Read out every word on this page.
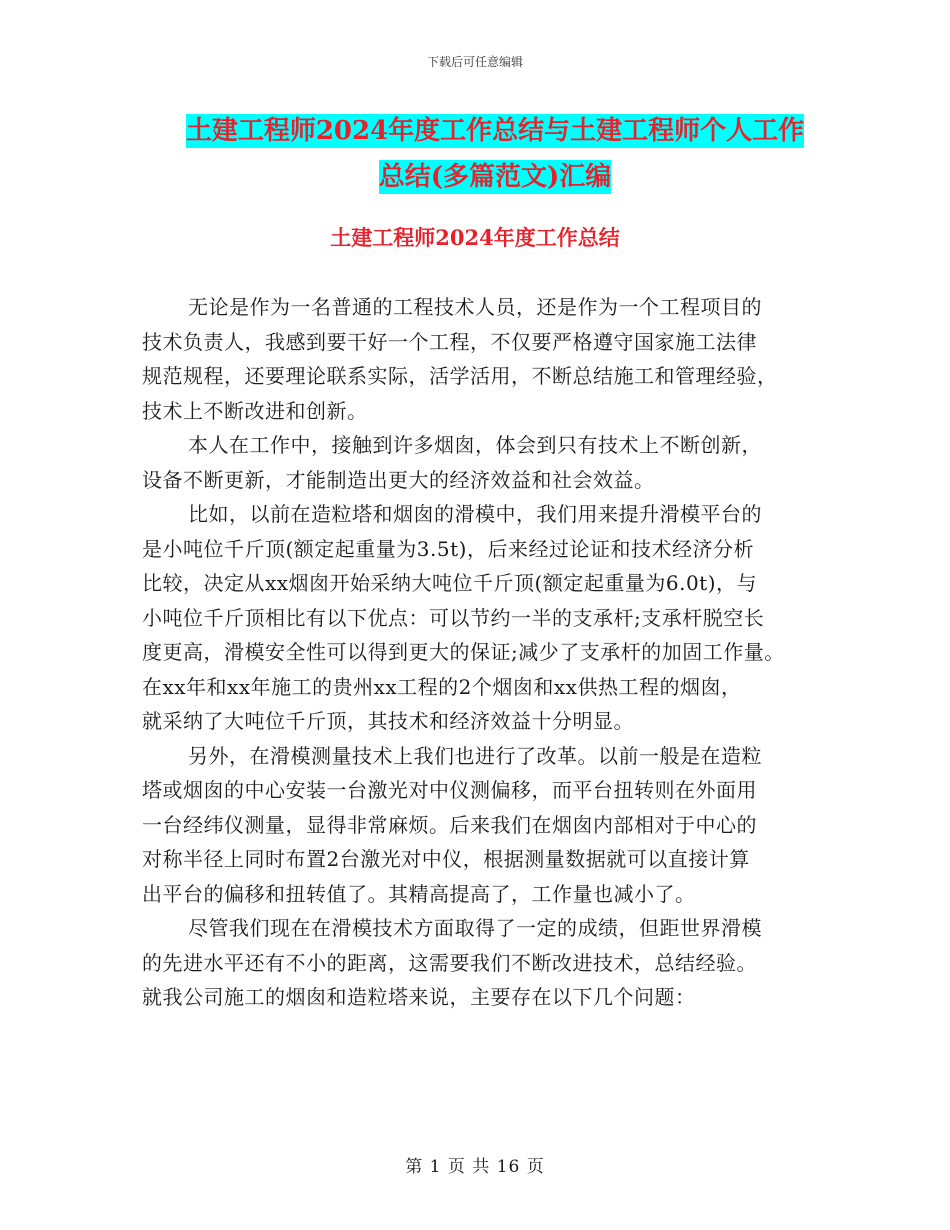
下载后可任意编辑
土建工程师2024年度工作总结与土建工程师个人工作
总结(多篇范文)汇编
土建工程师2024年度工作总结
无论是作为一名普通的工程技术人员，还是作为一个工程项目的
技术负责人，我感到要干好一个工程，不仅要严格遵守国家施工法律
规范规程，还要理论联系实际，活学活用，不断总结施工和管理经验，
技术上不断改进和创新。
本人在工作中，接触到许多烟囱，体会到只有技术上不断创新，
设备不断更新，才能制造出更大的经济效益和社会效益。
比如，以前在造粒塔和烟囱的滑模中，我们用来提升滑模平台的
是小吨位千斤顶(额定起重量为3.5t)，后来经过论证和技术经济分析
比较，决定从xx烟囱开始采纳大吨位千斤顶(额定起重量为6.0t)，与
小吨位千斤顶相比有以下优点：可以节约一半的支承杆;支承杆脱空长
度更高，滑模安全性可以得到更大的保证;减少了支承杆的加固工作量。
在xx年和xx年施工的贵州xx工程的2个烟囱和xx供热工程的烟囱，
就采纳了大吨位千斤顶，其技术和经济效益十分明显。
另外，在滑模测量技术上我们也进行了改革。以前一般是在造粒
塔或烟囱的中心安装一台激光对中仪测偏移，而平台扭转则在外面用
一台经纬仪测量，显得非常麻烦。后来我们在烟囱内部相对于中心的
对称半径上同时布置2台激光对中仪，根据测量数据就可以直接计算
出平台的偏移和扭转值了。其精高提高了，工作量也减小了。
尽管我们现在在滑模技术方面取得了一定的成绩，但距世界滑模
的先进水平还有不小的距离，这需要我们不断改进技术，总结经验。
就我公司施工的烟囱和造粒塔来说，主要存在以下几个问题：
第 1 页 共 16 页
